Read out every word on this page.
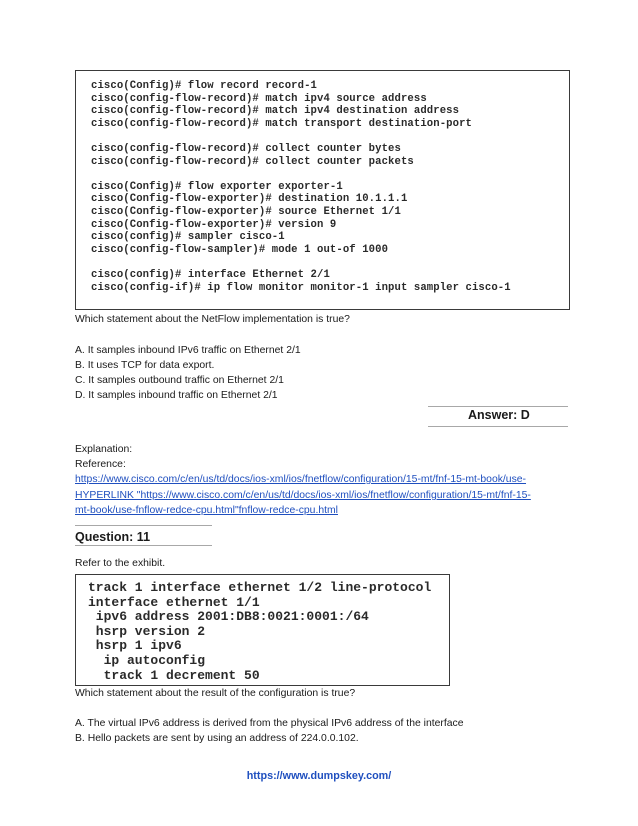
cisco(Config)# flow record record-1
cisco(config-flow-record)# match ipv4 source address
cisco(config-flow-record)# match ipv4 destination address
cisco(config-flow-record)# match transport destination-port
cisco(config-flow-record)# collect counter bytes
cisco(config-flow-record)# collect counter packets
cisco(Config)# flow exporter exporter-1
cisco(Config-flow-exporter)# destination 10.1.1.1
cisco(Config-flow-exporter)# source Ethernet 1/1
cisco(Config-flow-exporter)# version 9
cisco(config)# sampler cisco-1
cisco(config-flow-sampler)# mode 1 out-of 1000
cisco(config)# interface Ethernet 2/1
cisco(config-if)# ip flow monitor monitor-1 input sampler cisco-1
Which statement about the NetFlow implementation is true?
A. It samples inbound IPv6 traffic on Ethernet 2/1
B. It uses TCP for data export.
C. It samples outbound traffic on Ethernet 2/1
D. It samples inbound traffic on Ethernet 2/1
Answer: D
Explanation:
Reference:
https://www.cisco.com/c/en/us/td/docs/ios-xml/ios/fnetflow/configuration/15-mt/fnf-15-mt-book/use-
HYPERLINK "https://www.cisco.com/c/en/us/td/docs/ios-xml/ios/fnetflow/configuration/15-mt/fnf-15-
mt-book/use-fnflow-redce-cpu.html"fnflow-redce-cpu.html
Question: 11
Refer to the exhibit.
track 1 interface ethernet 1/2 line-protocol
interface ethernet 1/1
ipv6 address 2001:DB8:0021:0001:/64
hsrp version 2
hsrp 1 ipv6
ip autoconfig
track 1 decrement 50
Which statement about the result of the configuration is true?
A. The virtual IPv6 address is derived from the physical IPv6 address of the interface
B. Hello packets are sent by using an address of 224.0.0.102.
https://www.dumpskey.com/
